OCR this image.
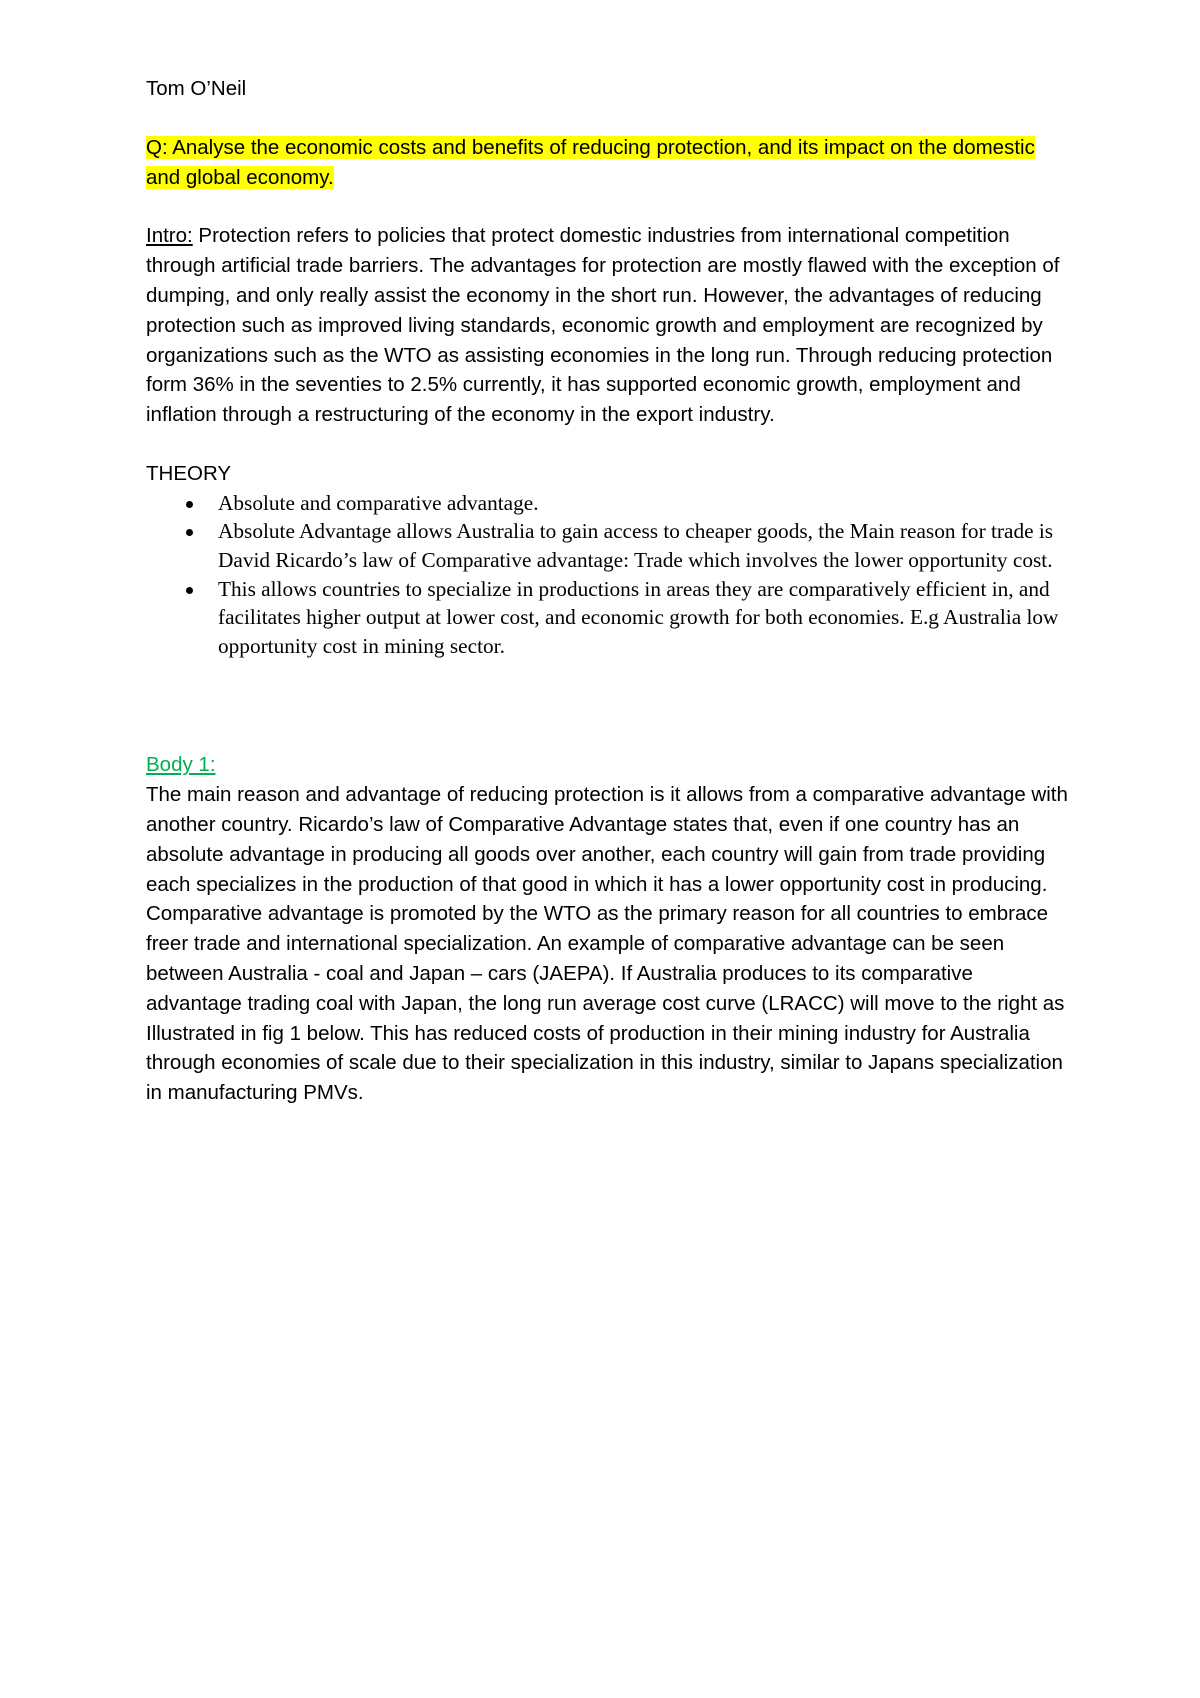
Tom O’Neil
Q: Analyse the economic costs and benefits of reducing protection, and its impact on the domestic and global economy.
Intro: Protection refers to policies that protect domestic industries from international competition through artificial trade barriers. The advantages for protection are mostly flawed with the exception of dumping, and only really assist the economy in the short run. However, the advantages of reducing protection such as improved living standards, economic growth and employment are recognized by organizations such as the WTO as assisting economies in the long run. Through reducing protection form 36% in the seventies to 2.5% currently, it has supported economic growth, employment and inflation through a restructuring of the economy in the export industry.
THEORY
Absolute and comparative advantage.
Absolute Advantage allows Australia to gain access to cheaper goods, the Main reason for trade is David Ricardo’s law of Comparative advantage: Trade which involves the lower opportunity cost.
This allows countries to specialize in productions in areas they are comparatively efficient in, and facilitates higher output at lower cost, and economic growth for both economies. E.g Australia low opportunity cost in mining sector.
Body 1:
The main reason and advantage of reducing protection is it allows from a comparative advantage with another country. Ricardo’s law of Comparative Advantage states that, even if one country has an absolute advantage in producing all goods over another, each country will gain from trade providing each specializes in the production of that good in which it has a lower opportunity cost in producing. Comparative advantage is promoted by the WTO as the primary reason for all countries to embrace freer trade and international specialization. An example of comparative advantage can be seen between Australia - coal and Japan – cars (JAEPA). If Australia produces to its comparative advantage trading coal with Japan, the long run average cost curve (LRACC) will move to the right as Illustrated in fig 1 below. This has reduced costs of production in their mining industry for Australia through economies of scale due to their specialization in this industry, similar to Japans specialization in manufacturing PMVs.
